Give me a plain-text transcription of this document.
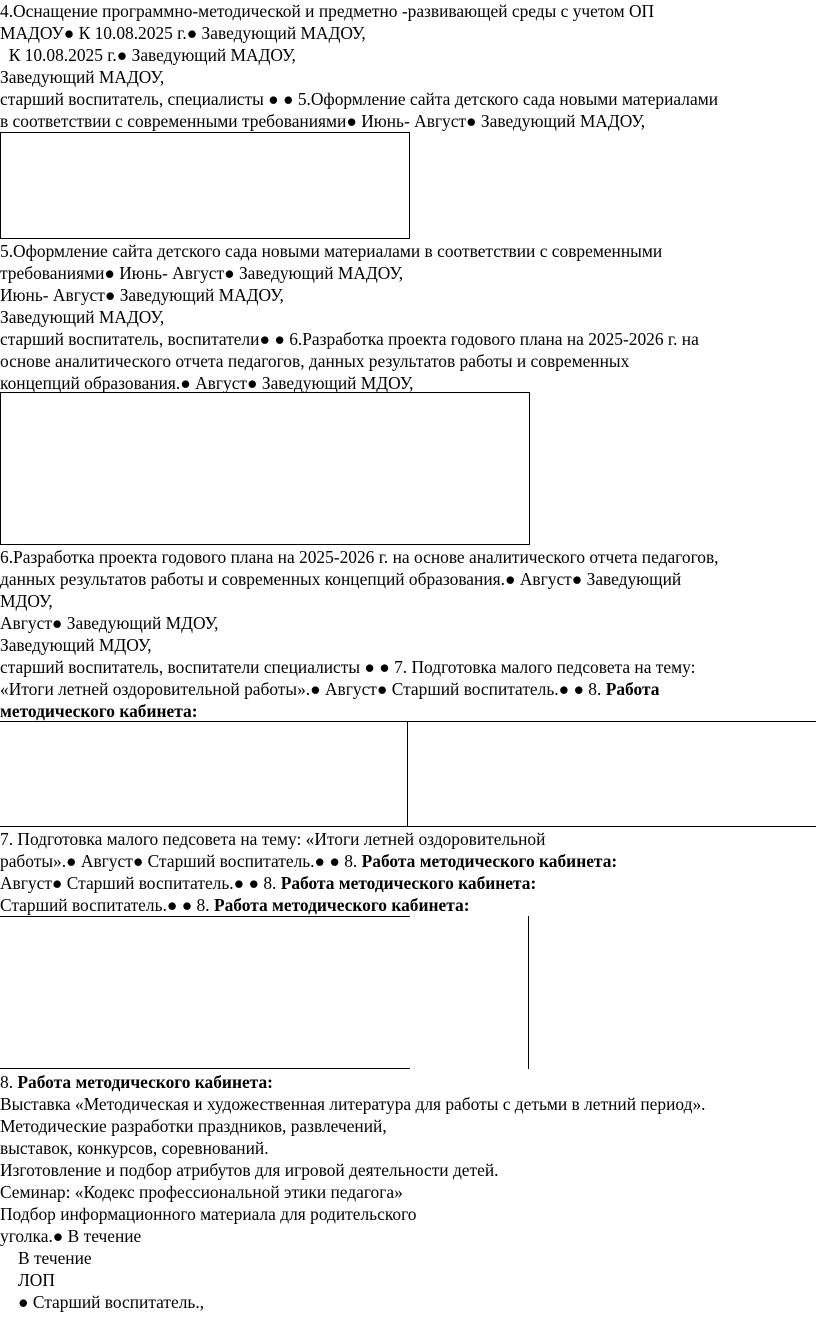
4.Оснащение программно-методической и предметно -развивающей среды с учетом ОП
МАДОУ● К 10.08.2025 г.● Заведующий МАДОУ,
К 10.08.2025 г.● Заведующий МАДОУ,
Заведующий МАДОУ,
старший воспитатель, специалисты ● ● 5.Оформление сайта детского сада новыми материалами
в соответствии с современными требованиями● Июнь- Август● Заведующий МАДОУ,
5.Оформление сайта детского сада новыми материалами в соответствии с современными
требованиями● Июнь- Август● Заведующий МАДОУ,
Июнь- Август● Заведующий МАДОУ,
Заведующий МАДОУ,
старший воспитатель, воспитатели● ● 6.Разработка проекта годового плана на 2025-2026 г. на
основе аналитического отчета педагогов, данных результатов работы и современных
концепций образования.● Август● Заведующий МДОУ,
6.Разработка проекта годового плана на 2025-2026 г. на основе аналитического отчета педагогов,
данных результатов работы и современных концепций образования.● Август● Заведующий
МДОУ,
Август● Заведующий МДОУ,
Заведующий МДОУ,
старший воспитатель, воспитатели специалисты ● ● 7. Подготовка малого педсовета на тему:
«Итоги летней оздоровительной работы».● Август● Старший воспитатель.● ● 8. Работа
методического кабинета:
7. Подготовка малого педсовета на тему: «Итоги летней оздоровительной
работы».● Август● Старший воспитатель.● ● 8. Работа методического кабинета:
Август● Старший воспитатель.● ● 8. Работа методического кабинета:
Старший воспитатель.● ● 8. Работа методического кабинета:
8. Работа методического кабинета:
Выставка «Методическая и художественная литература для работы с детьми в летний период».
Методические разработки праздников, развлечений,
выставок, конкурсов, соревнований.
Изготовление и подбор атрибутов для игровой деятельности детей.
Семинар: «Кодекс профессиональной этики педагога»
Подбор информационного материала для родительского
уголка.● В течение
В течение
ЛОП
● Старший воспитатель.,
